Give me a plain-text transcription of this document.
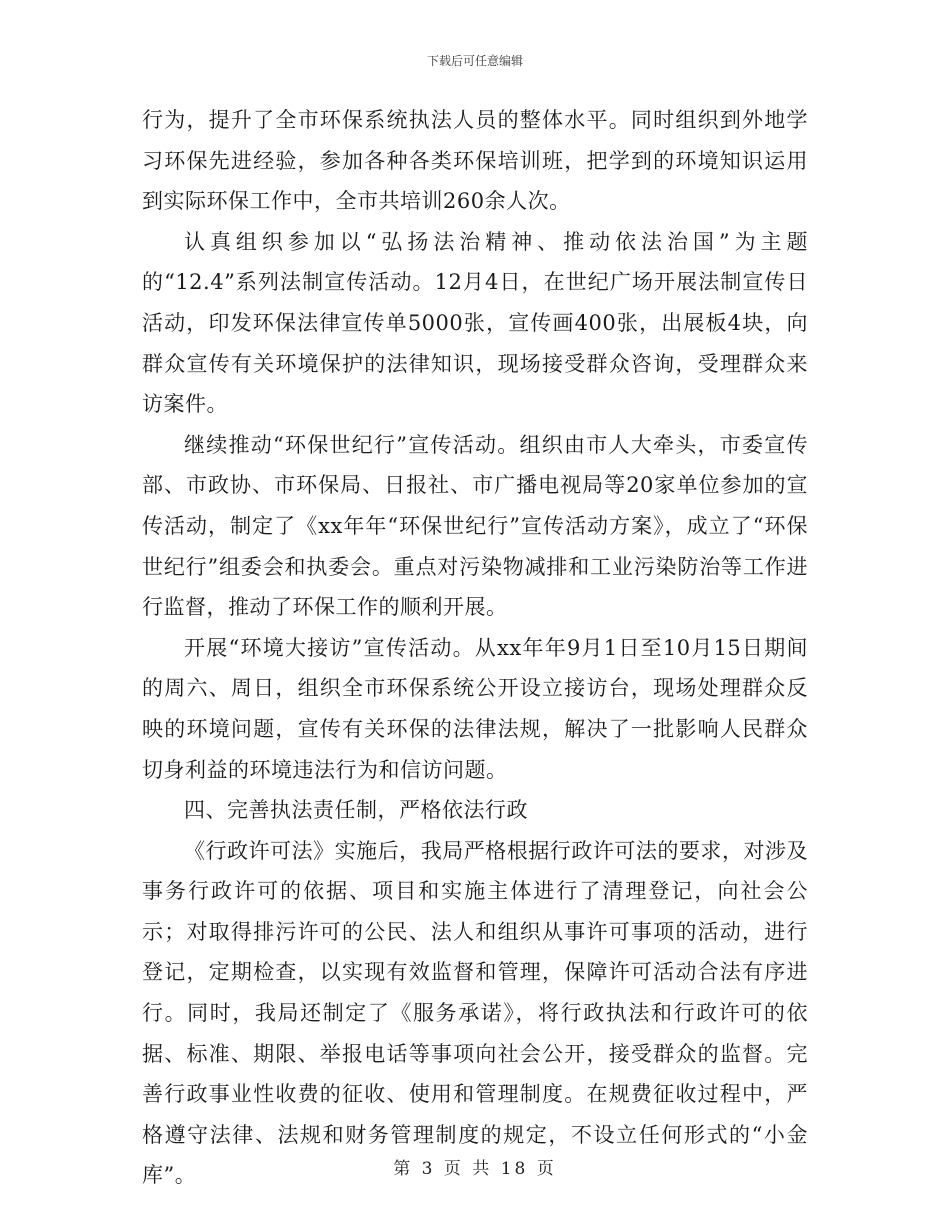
下载后可任意编辑

行为，提升了全市环保系统执法人员的整体水平。同时组织到外地学习环保先进经验，参加各种各类环保培训班，把学到的环境知识运用到实际环保工作中，全市共培训260余人次。

认真组织参加以“弘扬法治精神、推动依法治国”为主题的“12.4”系列法制宣传活动。12月4日，在世纪广场开展法制宣传日活动，印发环保法律宣传单5000张，宣传画400张，出展板4块，向群众宣传有关环境保护的法律知识，现场接受群众咨询，受理群众来访案件。

继续推动“环保世纪行”宣传活动。组织由市人大牵头，市委宣传部、市政协、市环保局、日报社、市广播电视局等20家单位参加的宣传活动，制定了《xx年年“环保世纪行”宣传活动方案》，成立了“环保世纪行”组委会和执委会。重点对污染物减排和工业污染防治等工作进行监督，推动了环保工作的顺利开展。

开展“环境大接访”宣传活动。从xx年年9月1日至10月15日期间的周六、周日，组织全市环保系统公开设立接访台，现场处理群众反映的环境问题，宣传有关环保的法律法规，解决了一批影响人民群众切身利益的环境违法行为和信访问题。

四、完善执法责任制，严格依法行政

《行政许可法》实施后，我局严格根据行政许可法的要求，对涉及事务行政许可的依据、项目和实施主体进行了清理登记，向社会公示；对取得排污许可的公民、法人和组织从事许可事项的活动，进行登记，定期检查，以实现有效监督和管理，保障许可活动合法有序进行。同时，我局还制定了《服务承诺》，将行政执法和行政许可的依据、标准、期限、举报电话等事项向社会公开，接受群众的监督。完善行政事业性收费的征收、使用和管理制度。在规费征收过程中，严格遵守法律、法规和财务管理制度的规定，不设立任何形式的“小金库”。	第 3 页 共 18 页
